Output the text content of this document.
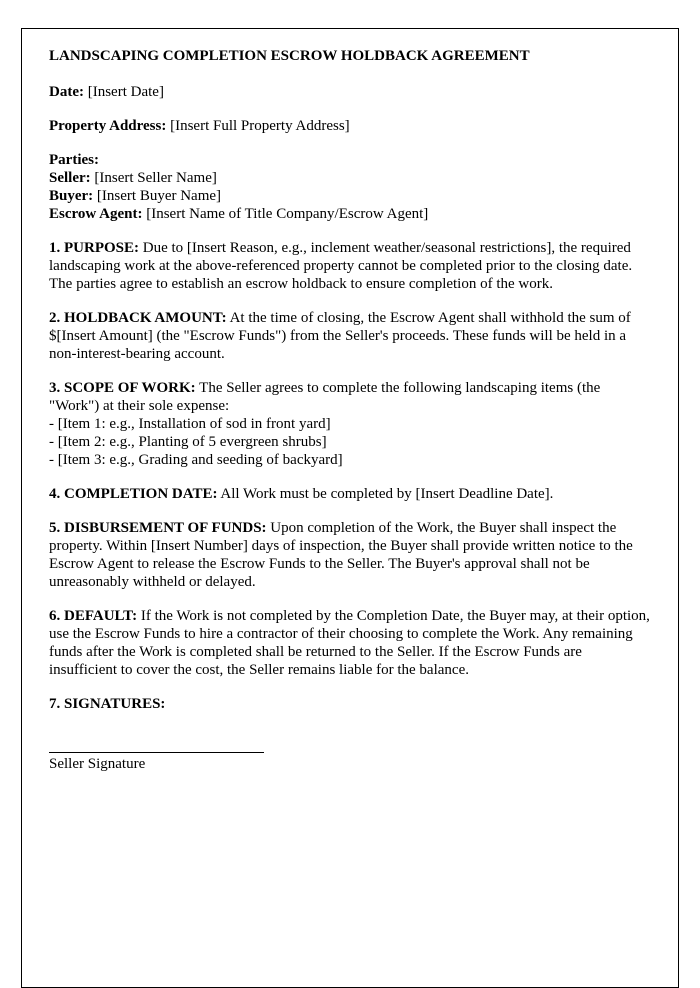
LANDSCAPING COMPLETION ESCROW HOLDBACK AGREEMENT

Date: [Insert Date]

Property Address: [Insert Full Property Address]

Parties:
Seller: [Insert Seller Name]
Buyer: [Insert Buyer Name]
Escrow Agent: [Insert Name of Title Company/Escrow Agent]

1. PURPOSE: Due to [Insert Reason, e.g., inclement weather/seasonal restrictions], the required landscaping work at the above-referenced property cannot be completed prior to the closing date. The parties agree to establish an escrow holdback to ensure completion of the work.

2. HOLDBACK AMOUNT: At the time of closing, the Escrow Agent shall withhold the sum of $[Insert Amount] (the "Escrow Funds") from the Seller's proceeds. These funds will be held in a non-interest-bearing account.

3. SCOPE OF WORK: The Seller agrees to complete the following landscaping items (the "Work") at their sole expense:

- [Item 1: e.g., Installation of sod in front yard]
- [Item 2: e.g., Planting of 5 evergreen shrubs]
- [Item 3: e.g., Grading and seeding of backyard]

4. COMPLETION DATE: All Work must be completed by [Insert Deadline Date].

5. DISBURSEMENT OF FUNDS: Upon completion of the Work, the Buyer shall inspect the property. Within [Insert Number] days of inspection, the Buyer shall provide written notice to the Escrow Agent to release the Escrow Funds to the Seller. The Buyer's approval shall not be unreasonably withheld or delayed.

6. DEFAULT: If the Work is not completed by the Completion Date, the Buyer may, at their option, use the Escrow Funds to hire a contractor of their choosing to complete the Work. Any remaining funds after the Work is completed shall be returned to the Seller. If the Escrow Funds are insufficient to cover the cost, the Seller remains liable for the balance.

7. SIGNATURES:

Seller Signature
